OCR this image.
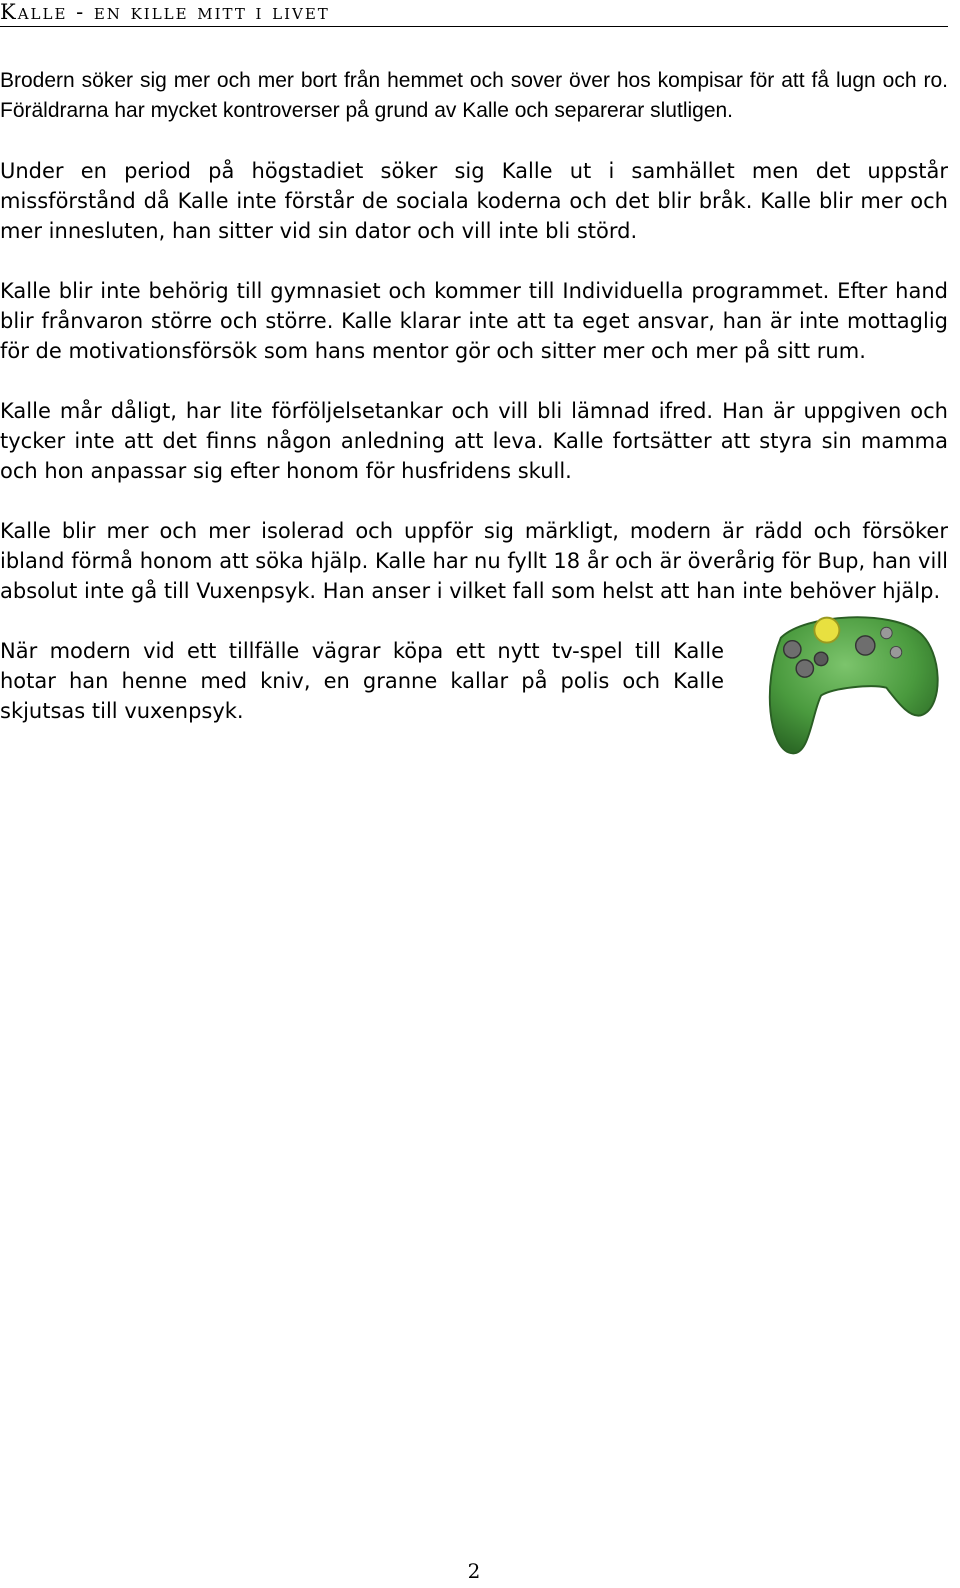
Kalle - en kille mitt i livet

Brodern söker sig mer och mer bort från hemmet och sover över hos kompisar för att få lugn och ro. Föräldrarna har mycket kontroverser på grund av Kalle och separerar slutligen.

Under en period på högstadiet söker sig Kalle ut i samhället men det uppstår missförstånd då Kalle inte förstår de sociala koderna och det blir bråk. Kalle blir mer och mer innesluten, han sitter vid sin dator och vill inte bli störd.

Kalle blir inte behörig till gymnasiet och kommer till Individuella programmet. Efter hand blir frånvaron större och större. Kalle klarar inte att ta eget ansvar, han är inte mottaglig för de motivationsförsök som hans mentor gör och sitter mer och mer på sitt rum.

Kalle mår dåligt, har lite förföljelsetankar och vill bli lämnad ifred. Han är uppgiven och tycker inte att det finns någon anledning att leva. Kalle fortsätter att styra sin mamma och hon anpassar sig efter honom för husfridens skull.

Kalle blir mer och mer isolerad och uppför sig märkligt, modern är rädd och försöker ibland förmå honom att söka hjälp. Kalle har nu fyllt 18 år och är överårig för Bup, han vill absolut inte gå till Vuxenpsyk. Han anser i vilket fall som helst att han inte behöver hjälp.

När modern vid ett tillfälle vägrar köpa ett nytt tv-spel till Kalle hotar han henne med kniv, en granne kallar på polis och Kalle skjutsas till vuxenpsyk.

2
